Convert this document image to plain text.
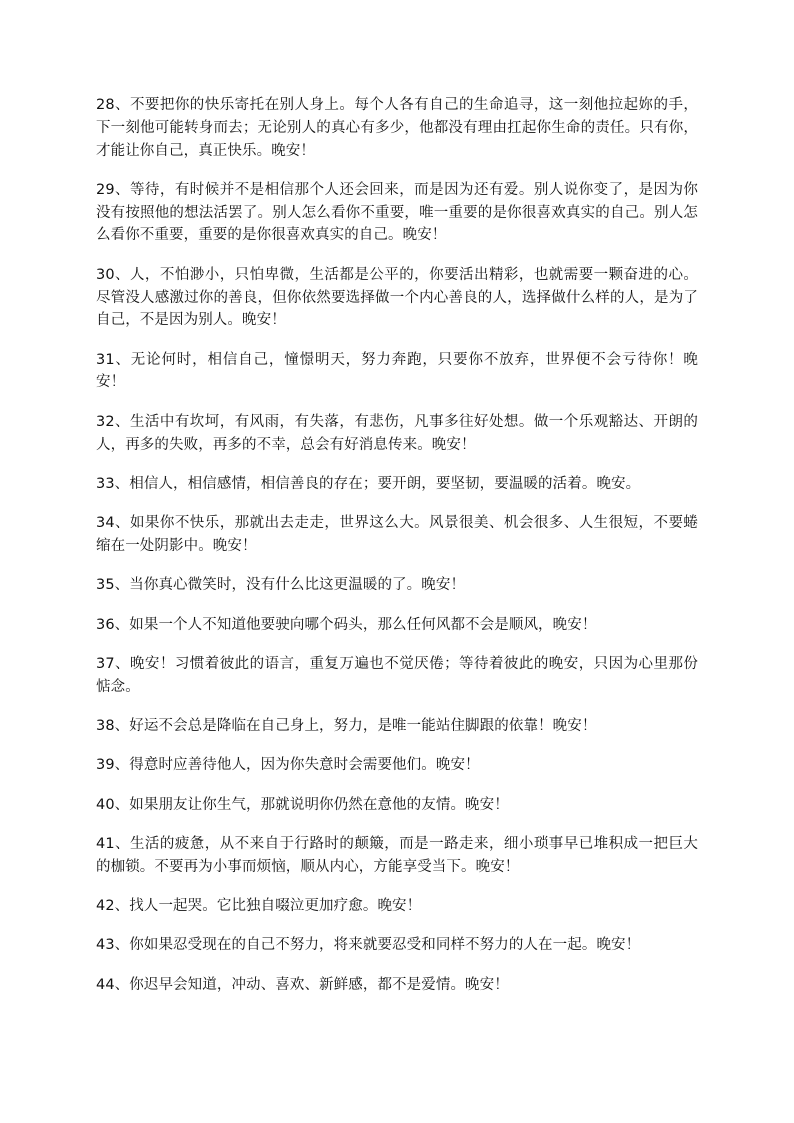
28、不要把你的快乐寄托在别人身上。每个人各有自己的生命追寻，这一刻他拉起妳的手，下一刻他可能转身而去；无论别人的真心有多少，他都没有理由扛起你生命的责任。只有你，才能让你自己，真正快乐。晚安！

29、等待，有时候并不是相信那个人还会回来，而是因为还有爱。别人说你变了，是因为你没有按照他的想法活罢了。别人怎么看你不重要，唯一重要的是你很喜欢真实的自己。别人怎么看你不重要，重要的是你很喜欢真实的自己。晚安！

30、人，不怕渺小，只怕卑微，生活都是公平的，你要活出精彩，也就需要一颗奋进的心。尽管没人感激过你的善良，但你依然要选择做一个内心善良的人，选择做什么样的人，是为了自己，不是因为别人。晚安！

31、无论何时，相信自己，憧憬明天，努力奔跑，只要你不放弃，世界便不会亏待你！晚安！

32、生活中有坎坷，有风雨，有失落，有悲伤，凡事多往好处想。做一个乐观豁达、开朗的人，再多的失败，再多的不幸，总会有好消息传来。晚安！

33、相信人，相信感情，相信善良的存在；要开朗，要坚韧，要温暖的活着。晚安。

34、如果你不快乐，那就出去走走，世界这么大。风景很美、机会很多、人生很短，不要蜷缩在一处阴影中。晚安！

35、当你真心微笑时，没有什么比这更温暖的了。晚安！

36、如果一个人不知道他要驶向哪个码头，那么任何风都不会是顺风，晚安！

37、晚安！习惯着彼此的语言，重复万遍也不觉厌倦；等待着彼此的晚安，只因为心里那份惦念。

38、好运不会总是降临在自己身上，努力，是唯一能站住脚跟的依靠！晚安！

39、得意时应善待他人，因为你失意时会需要他们。晚安！

40、如果朋友让你生气，那就说明你仍然在意他的友情。晚安！

41、生活的疲惫，从不来自于行路时的颠簸，而是一路走来，细小琐事早已堆积成一把巨大的枷锁。不要再为小事而烦恼，顺从内心，方能享受当下。晚安！

42、找人一起哭。它比独自啜泣更加疗愈。晚安！

43、你如果忍受现在的自己不努力，将来就要忍受和同样不努力的人在一起。晚安！

44、你迟早会知道，冲动、喜欢、新鲜感，都不是爱情。晚安！
